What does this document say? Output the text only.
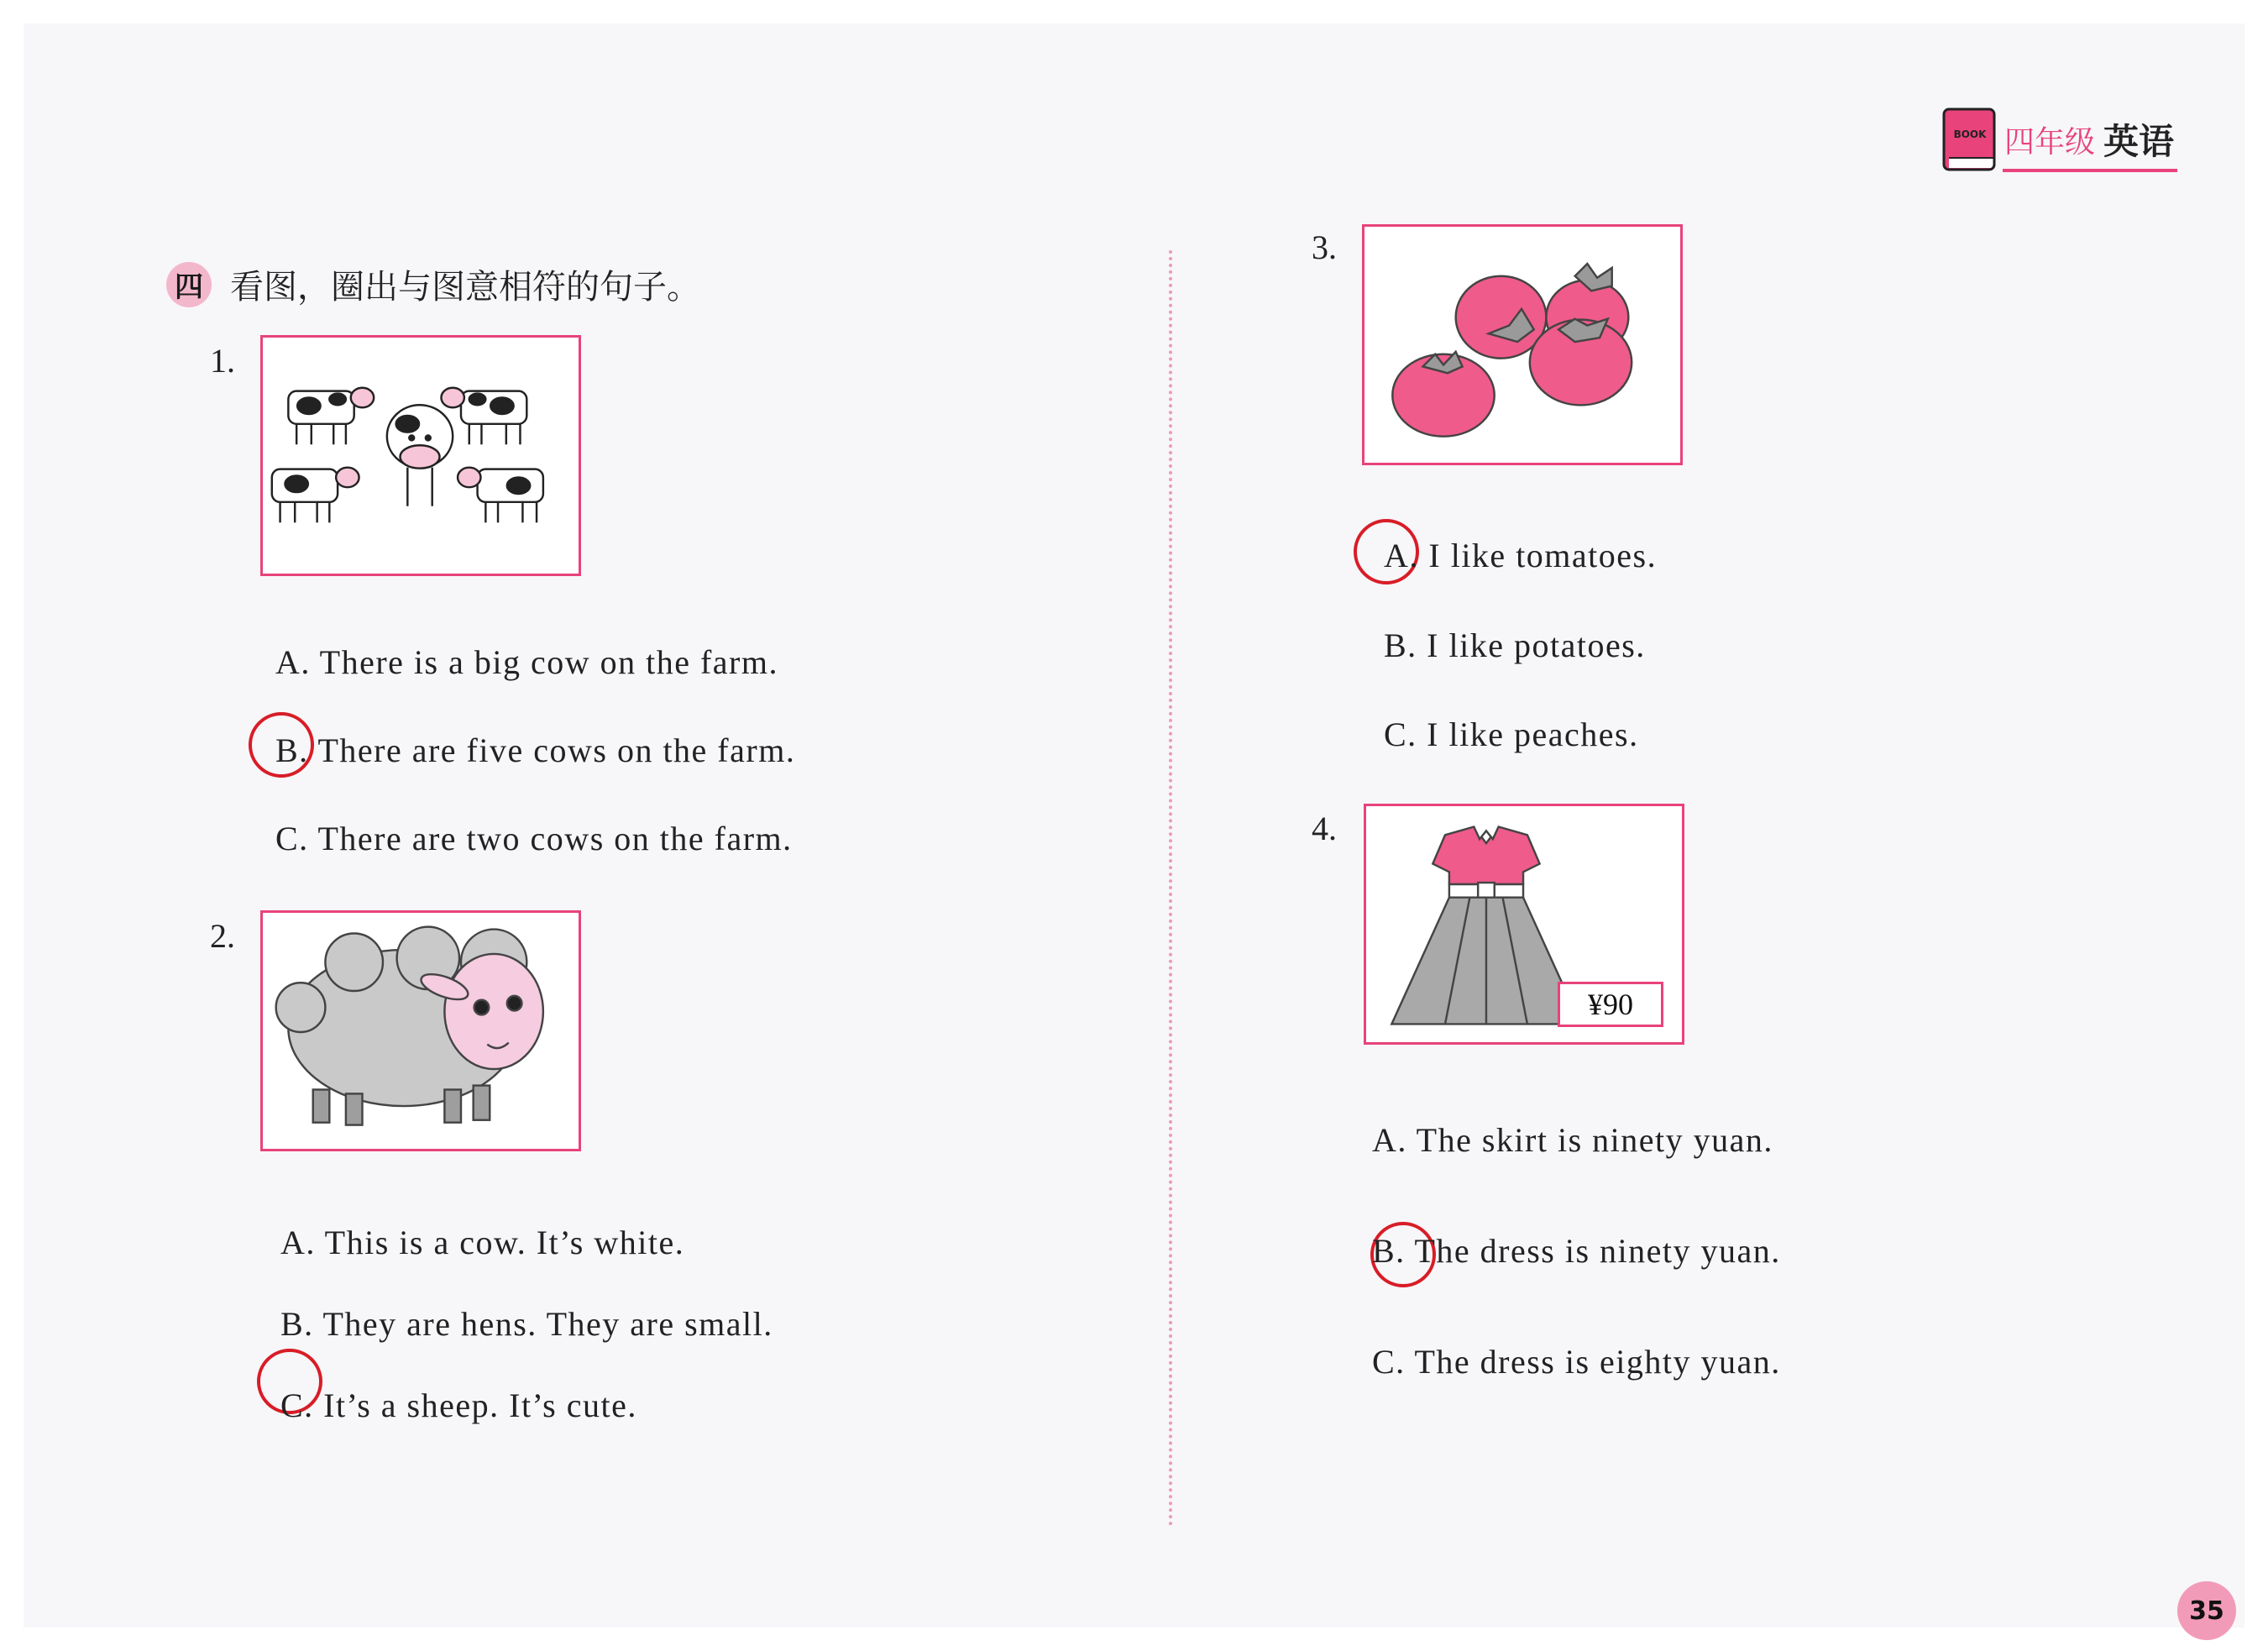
BOOK 四年级 英语
四 看图，圈出与图意相符的句子。
1.
A. There is a big cow on the farm.
B. There are five cows on the farm.
C. There are two cows on the farm.
2.
A. This is a cow. It’s white.
B. They are hens. They are small.
C. It’s a sheep. It’s cute.
3.
A. I like tomatoes.
B. I like potatoes.
C. I like peaches.
4.
¥90
A. The skirt is ninety yuan.
B. The dress is ninety yuan.
C. The dress is eighty yuan.
35
